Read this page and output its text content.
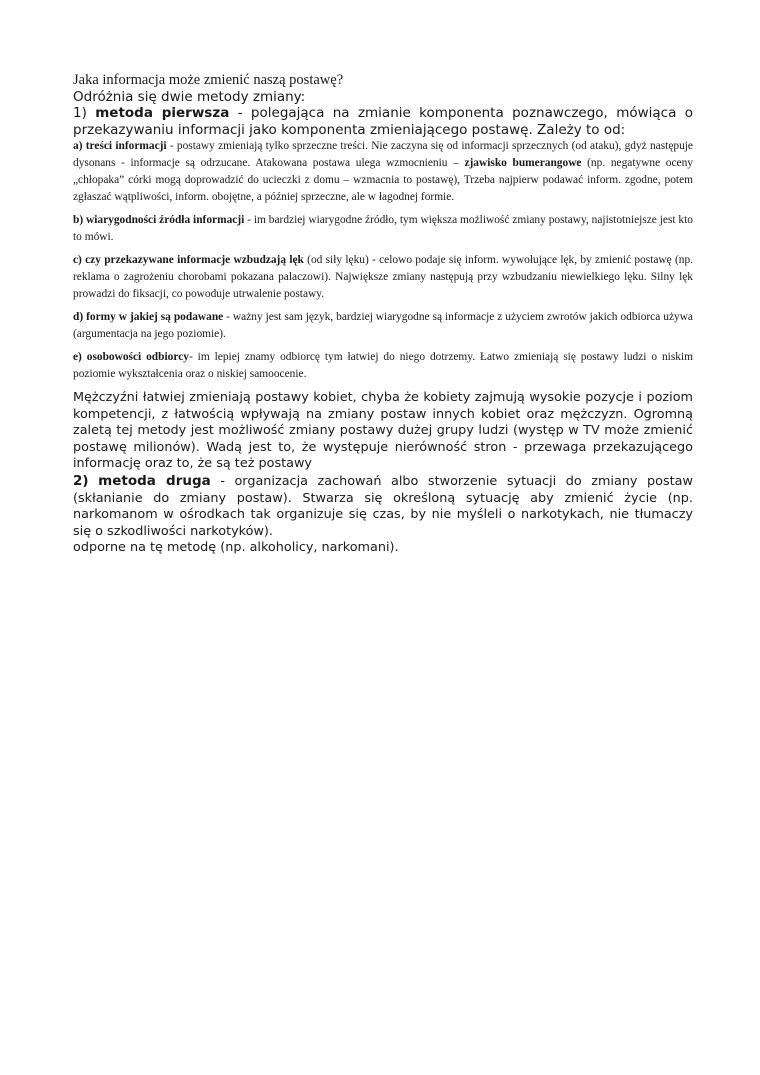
Jaka informacja może zmienić naszą postawę?

Odróżnia się dwie metody zmiany:

1) metoda pierwsza - polegająca na zmianie komponenta poznawczego, mówiąca o przekazywaniu informacji jako komponenta zmieniającego postawę. Zależy to od:

a) treści informacji - postawy zmieniają tylko sprzeczne treści. Nie zaczyna się od informacji sprzecznych (od ataku), gdyż następuje dysonans - informacje są odrzucane. Atakowana postawa ulega wzmocnieniu – zjawisko bumerangowe (np. negatywne oceny „chłopaka” córki mogą doprowadzić do ucieczki z domu – wzmacnia to postawę), Trzeba najpierw podawać inform. zgodne, potem zgłaszać wątpliwości, inform. obojętne, a później sprzeczne, ale w łagodnej formie.

b) wiarygodności źródła informacji - im bardziej wiarygodne źródło, tym większa możliwość zmiany postawy, najistotniejsze jest kto to mówi.

c) czy przekazywane informacje wzbudzają lęk (od siły lęku) - celowo podaje się inform. wywołujące lęk, by zmienić postawę (np. reklama o zagrożeniu chorobami pokazana palaczowi). Największe zmiany następują przy wzbudzaniu niewielkiego lęku. Silny lęk prowadzi do fiksacji, co powoduje utrwalenie postawy.

d) formy w jakiej są podawane - ważny jest sam język, bardziej wiarygodne są informacje z użyciem zwrotów jakich odbiorca używa (argumentacja na jego poziomie).

e) osobowości odbiorcy- im lepiej znamy odbiorcę tym łatwiej do niego dotrzemy. Łatwo zmieniają się postawy ludzi o niskim poziomie wykształcenia oraz o niskiej samoocenie.

Mężczyźni łatwiej zmieniają postawy kobiet, chyba że kobiety zajmują wysokie pozycje i poziom kompetencji, z łatwością wpływają na zmiany postaw innych kobiet oraz mężczyzn. Ogromną zaletą tej metody jest możliwość zmiany postawy dużej grupy ludzi (występ w TV może zmienić postawę milionów). Wadą jest to, że występuje nierówność stron - przewaga przekazującego informację oraz to, że są też postawy

2) metoda druga - organizacja zachowań albo stworzenie sytuacji do zmiany postaw (skłanianie do zmiany postaw). Stwarza się określoną sytuację aby zmienić życie (np. narkomanom w ośrodkach tak organizuje się czas, by nie myśleli o narkotykach, nie tłumaczy się o szkodliwości narkotyków).

odporne na tę metodę (np. alkoholicy, narkomani).
